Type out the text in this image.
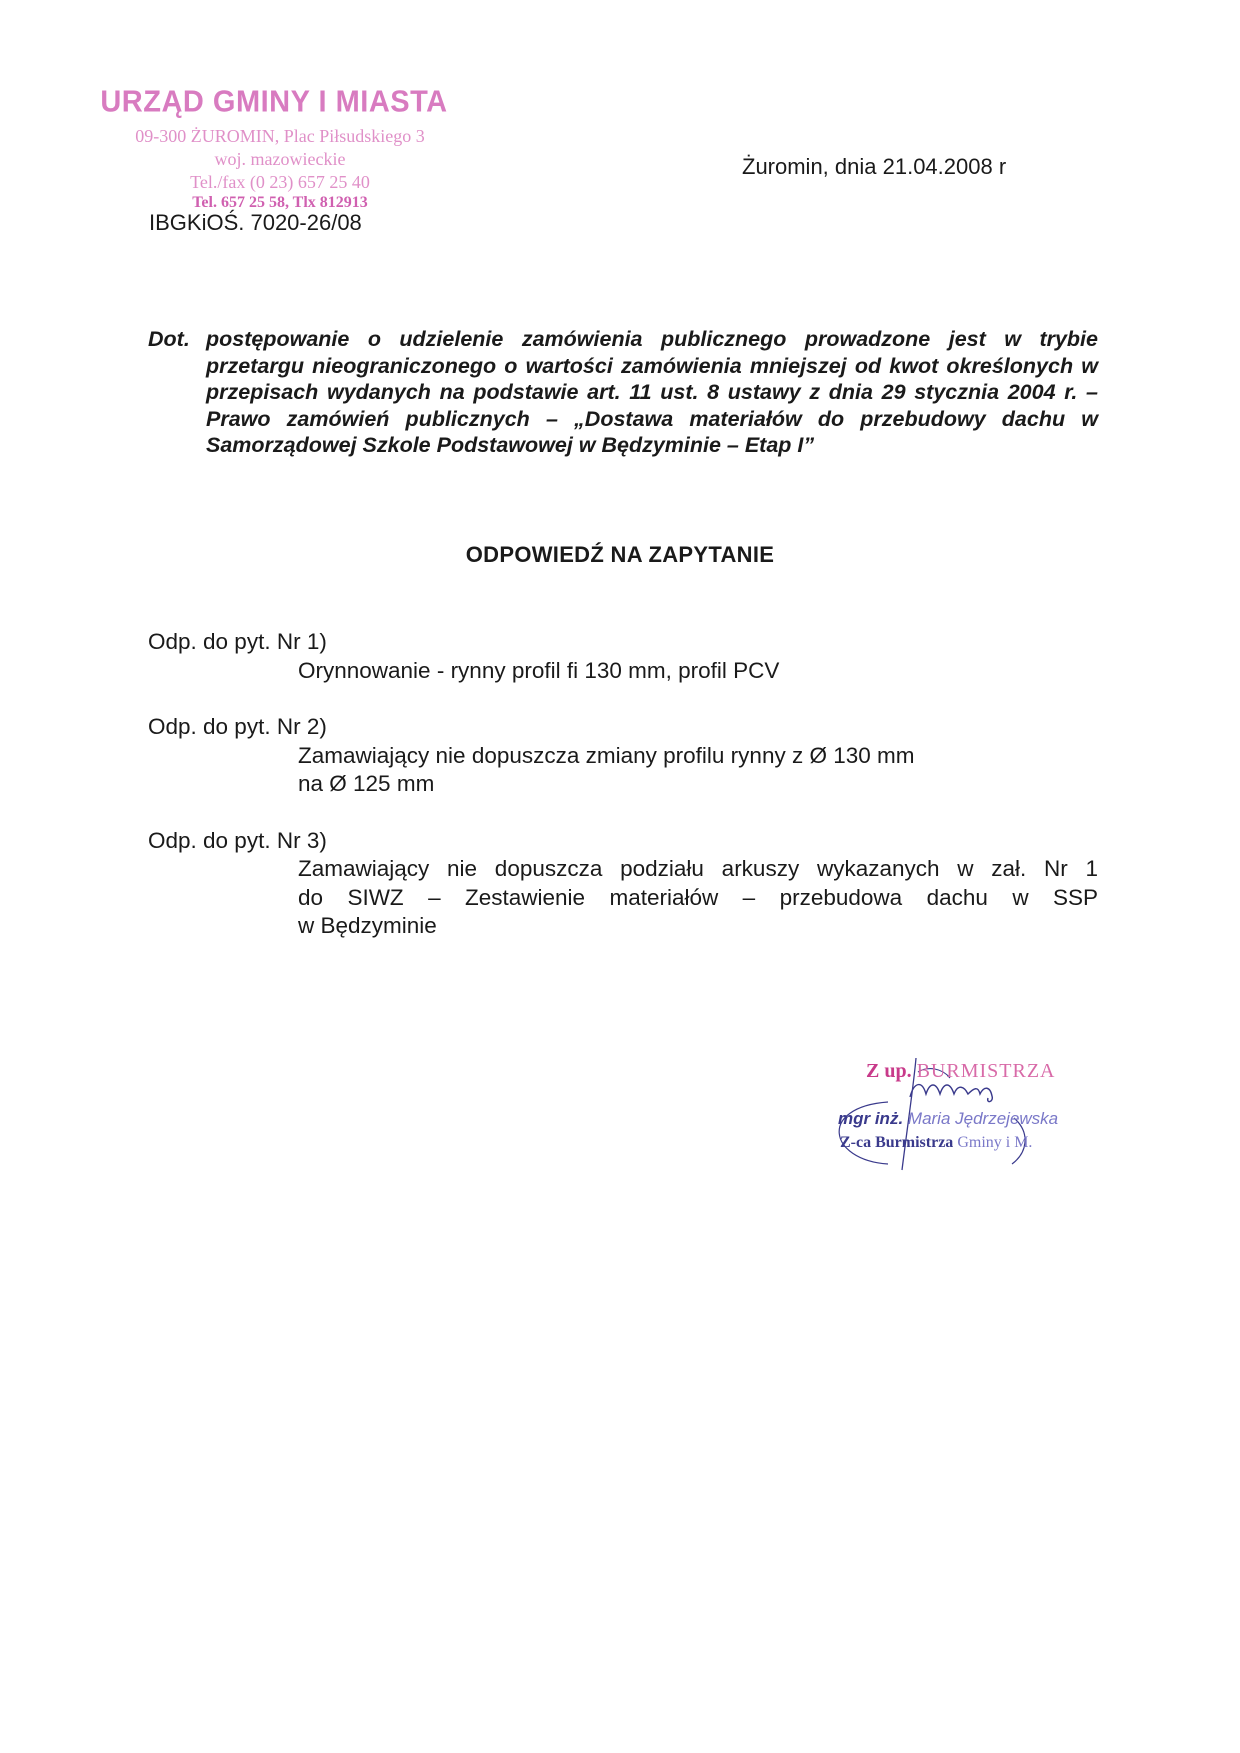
URZĄD GMINY I MIASTA
09-300 ŻUROMIN, Plac Piłsudskiego 3
woj. mazowieckie
Tel./fax (0 23) 657 25 40
Tel. 657 25 58, Tlx 812913
IBGKiOŚ. 7020-26/08
Żuromin, dnia 21.04.2008 r
Dot. postępowanie o udzielenie zamówienia publicznego prowadzone jest w trybie przetargu nieograniczonego o wartości zamówienia mniejszej od kwot określonych w przepisach wydanych na podstawie art. 11 ust. 8 ustawy z dnia 29 stycznia 2004 r. – Prawo zamówień publicznych – „Dostawa materiałów do przebudowy dachu w Samorządowej Szkole Podstawowej w Będzyminie – Etap I”
ODPOWIEDŹ NA ZAPYTANIE
Odp. do pyt. Nr 1)
Orynnowanie - rynny profil fi 130 mm, profil PCV
Odp. do pyt. Nr 2)
Zamawiający nie dopuszcza zmiany profilu rynny z Ø 130 mm
na Ø 125 mm
Odp. do pyt. Nr 3)
Zamawiający nie dopuszcza podziału arkuszy wykazanych w zał. Nr 1
do SIWZ – Zestawienie materiałów – przebudowa dachu w SSP
w Będzyminie
Z up. BURMISTRZA
mgr inż. Maria Jędrzejewska
Z-ca Burmistrza Gminy i M.
